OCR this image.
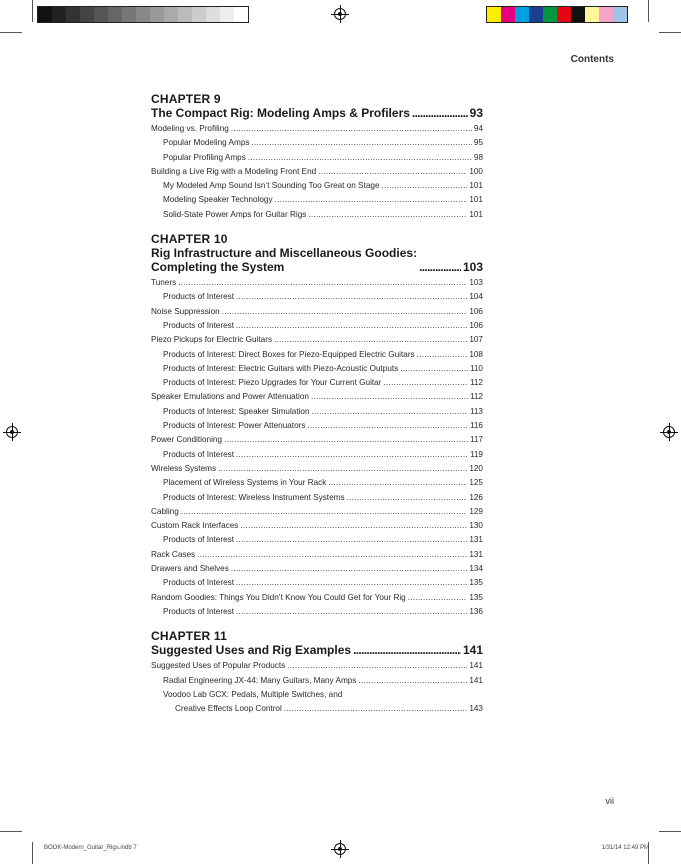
Contents
CHAPTER 9
The Compact Rig: Modeling Amps & Profilers . . .	93
Modeling vs. Profiling . . .	94
Popular Modeling Amps . . .	95
Popular Profiling Amps . . .	98
Building a Live Rig with a Modeling Front End . . .	100
My Modeled Amp Sound Isn’t Sounding Too Great on Stage . . .	101
Modeling Speaker Technology . . .	101
Solid-State Power Amps for Guitar Rigs . . .	101
CHAPTER 10
Rig Infrastructure and Miscellaneous Goodies:
Completing the System . . .	103
Tuners . . .	103
Products of Interest . . .	104
Noise Suppression . . .	106
Products of Interest . . .	106
Piezo Pickups for Electric Guitars . . .	107
Products of Interest: Direct Boxes for Piezo-Equipped Electric Guitars . . .	108
Products of Interest: Electric Guitars with Piezo-Acoustic Outputs . . .	110
Products of Interest: Piezo Upgrades for Your Current Guitar . . .	112
Speaker Emulations and Power Attenuation . . .	112
Products of Interest: Speaker Simulation . . .	113
Products of Interest: Power Attenuators . . .	116
Power Conditioning . . .	117
Products of Interest . . .	119
Wireless Systems . . .	120
Placement of Wireless Systems in Your Rack . . .	125
Products of Interest: Wireless Instrument Systems . . .	126
Cabling . . .	129
Custom Rack Interfaces . . .	130
Products of Interest . . .	131
Rack Cases . . .	131
Drawers and Shelves . . .	134
Products of Interest . . .	135
Random Goodies: Things You Didn’t Know You Could Get for Your Rig . . .	135
Products of Interest . . .	136
CHAPTER 11
Suggested Uses and Rig Examples . . .	141
Suggested Uses of Popular Products . . .	141
Radial Engineering JX-44: Many Guitars, Many Amps . . .	141
Voodoo Lab GCX: Pedals, Multiple Switches, and
Creative Effects Loop Control . . .	143
vii
BOOK-Modern_Guitar_Rigs.indb 7	1/31/14 12:49 PM
